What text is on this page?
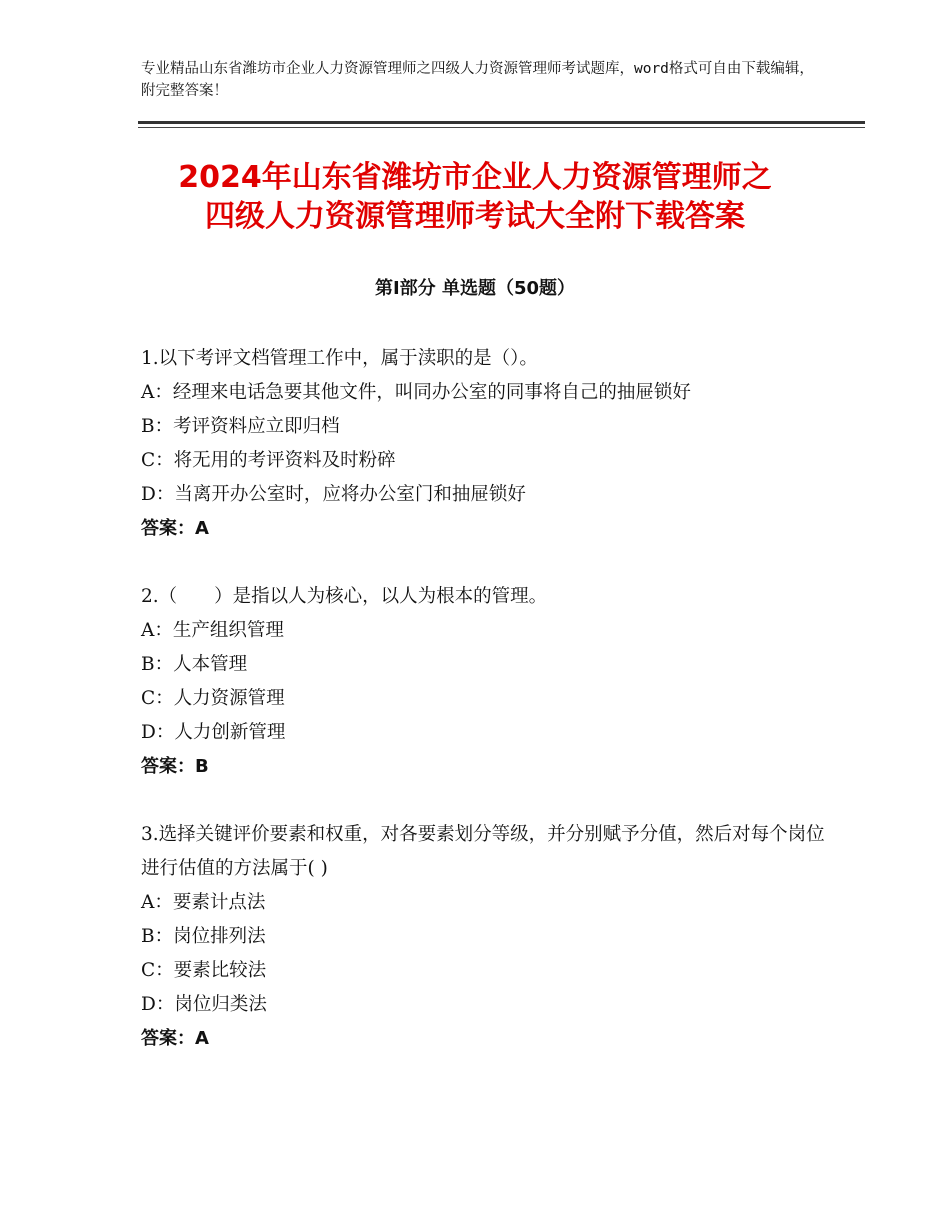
专业精品山东省潍坊市企业人力资源管理师之四级人力资源管理师考试题库，word格式可自由下载编辑，附完整答案！
2024年山东省潍坊市企业人力资源管理师之
四级人力资源管理师考试大全附下载答案
第Ⅰ部分 单选题（50题）
1.以下考评文档管理工作中，属于渎职的是（）。
A：经理来电话急要其他文件，叫同办公室的同事将自己的抽屉锁好
B：考评资料应立即归档
C：将无用的考评资料及时粉碎
D：当离开办公室时，应将办公室门和抽屉锁好
答案：A
2.（　　）是指以人为核心，以人为根本的管理。
A：生产组织管理
B：人本管理
C：人力资源管理
D：人力创新管理
答案：B
3.选择关键评价要素和权重，对各要素划分等级，并分别赋予分值，然后对每个岗位进行估值的方法属于( )
A：要素计点法
B：岗位排列法
C：要素比较法
D：岗位归类法
答案：A
